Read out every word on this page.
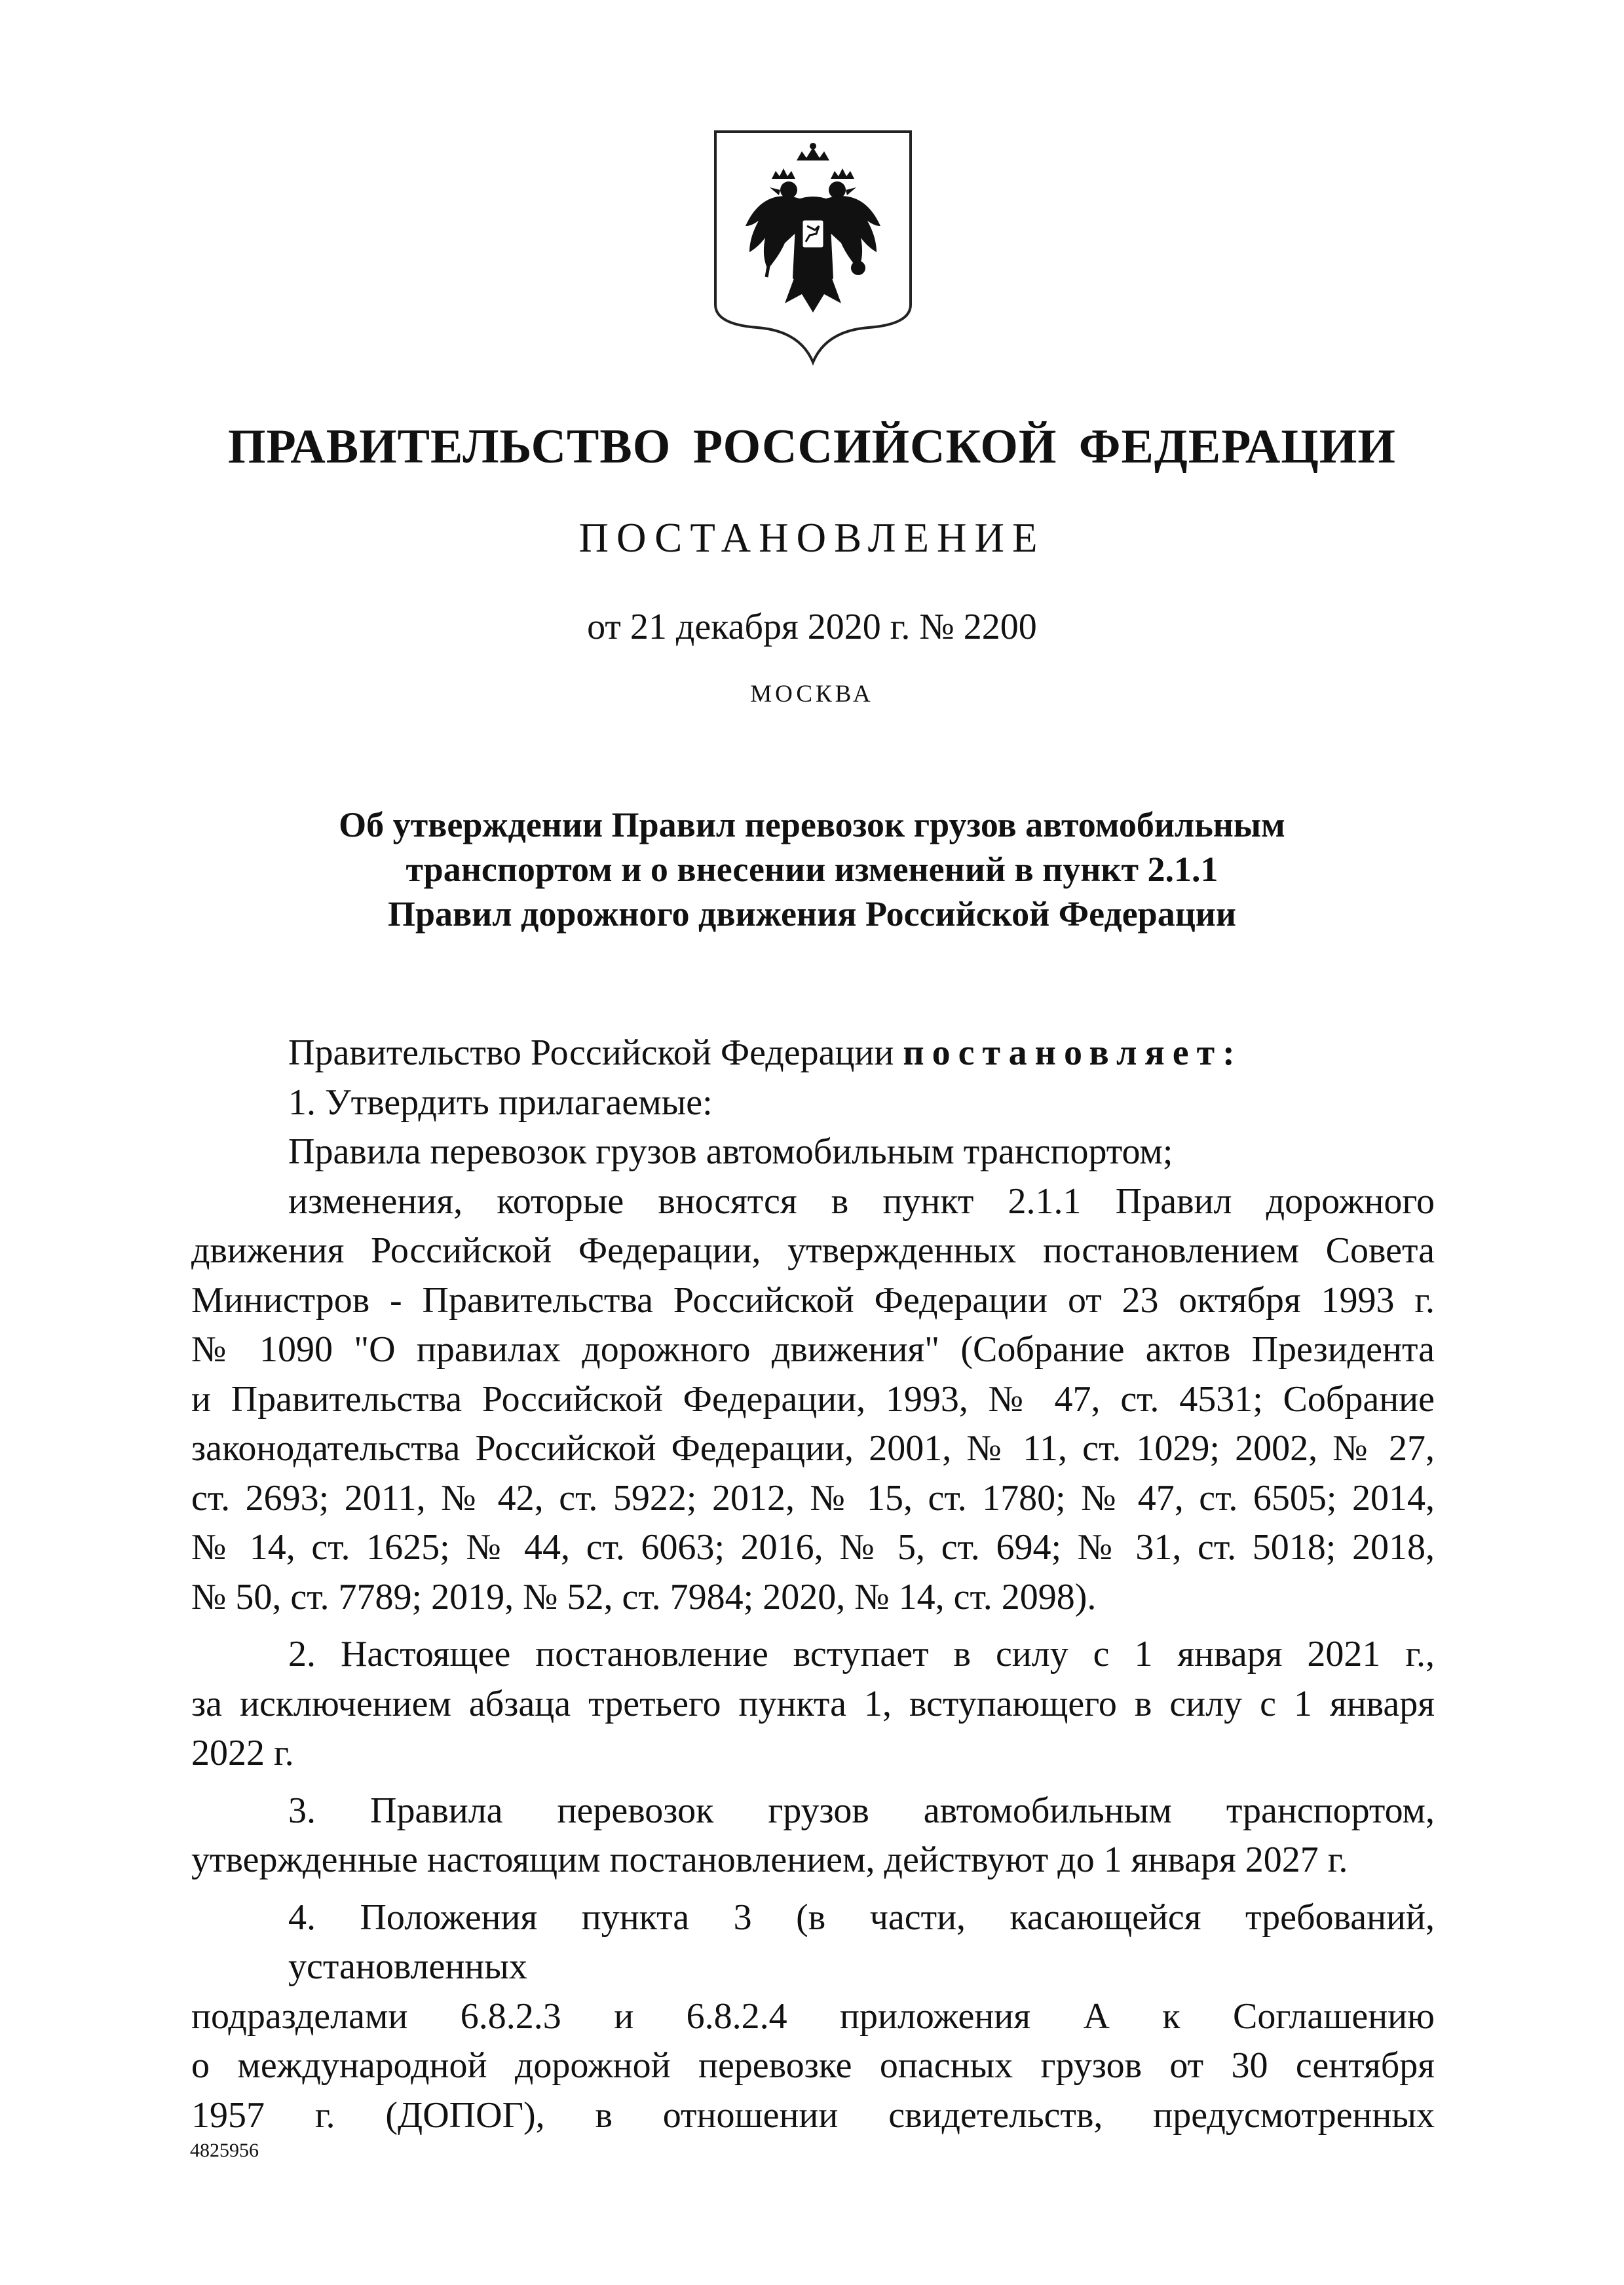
ПРАВИТЕЛЬСТВО РОССИЙСКОЙ ФЕДЕРАЦИИ
ПОСТАНОВЛЕНИЕ
от 21 декабря 2020 г. № 2200
МОСКВА
Об утверждении Правил перевозок грузов автомобильным
транспортом и о внесении изменений в пункт 2.1.1
Правил дорожного движения Российской Федерации
Правительство Российской Федерации постановляет:
1. Утвердить прилагаемые:
Правила перевозок грузов автомобильным транспортом;
изменения, которые вносятся в пункт 2.1.1 Правил дорожного
движения Российской Федерации, утвержденных постановлением Совета
Министров - Правительства Российской Федерации от 23 октября 1993 г.
№ 1090 "О правилах дорожного движения" (Собрание актов Президента
и Правительства Российской Федерации, 1993, № 47, ст. 4531; Собрание
законодательства Российской Федерации, 2001, № 11, ст. 1029; 2002, № 27,
ст. 2693; 2011, № 42, ст. 5922; 2012, № 15, ст. 1780; № 47, ст. 6505; 2014,
№ 14, ст. 1625; № 44, ст. 6063; 2016, № 5, ст. 694; № 31, ст. 5018; 2018,
№ 50, ст. 7789; 2019, № 52, ст. 7984; 2020, № 14, ст. 2098).
2. Настоящее постановление вступает в силу с 1 января 2021 г.,
за исключением абзаца третьего пункта 1, вступающего в силу с 1 января
2022 г.
3. Правила перевозок грузов автомобильным транспортом,
утвержденные настоящим постановлением, действуют до 1 января 2027 г.
4. Положения пункта 3 (в части, касающейся требований, установленных
подразделами 6.8.2.3 и 6.8.2.4 приложения А к Соглашению
о международной дорожной перевозке опасных грузов от 30 сентября
1957 г. (ДОПОГ), в отношении свидетельств, предусмотренных
4825956
